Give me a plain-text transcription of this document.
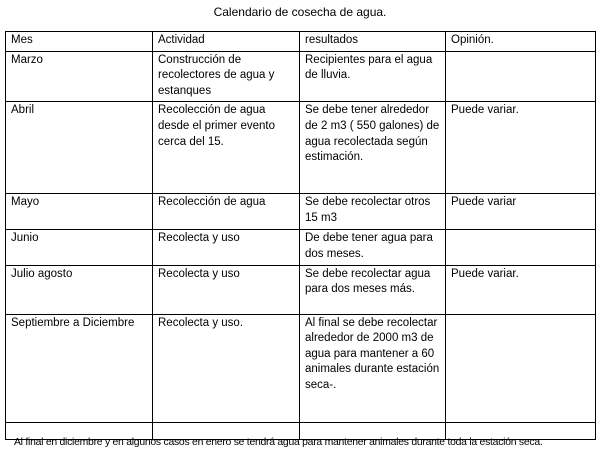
Calendario de cosecha de agua.
Mes	Actividad	resultados	Opinión.
Marzo	Construcción de recolectores de agua y estanques	Recipientes para el agua de lluvia.	
Abril	Recolección de agua desde el primer evento cerca del 15.	Se debe tener alrededor de 2 m3 ( 550 galones) de agua recolectada según estimación.	Puede variar.
Mayo	Recolección de agua	Se debe recolectar otros 15 m3	Puede variar
Junio	Recolecta y uso	De debe tener agua para dos meses.	
Julio agosto	Recolecta y uso	Se debe recolectar agua para dos meses más.	Puede variar.
Septiembre a Diciembre	Recolecta y uso.	Al final se debe recolectar alrededor de 2000 m3 de agua para mantener a 60 animales durante estación seca-.	

Al final en diciembre y en algunos casos en enero se tendrá agua para mantener animales durante toda la estación seca.
